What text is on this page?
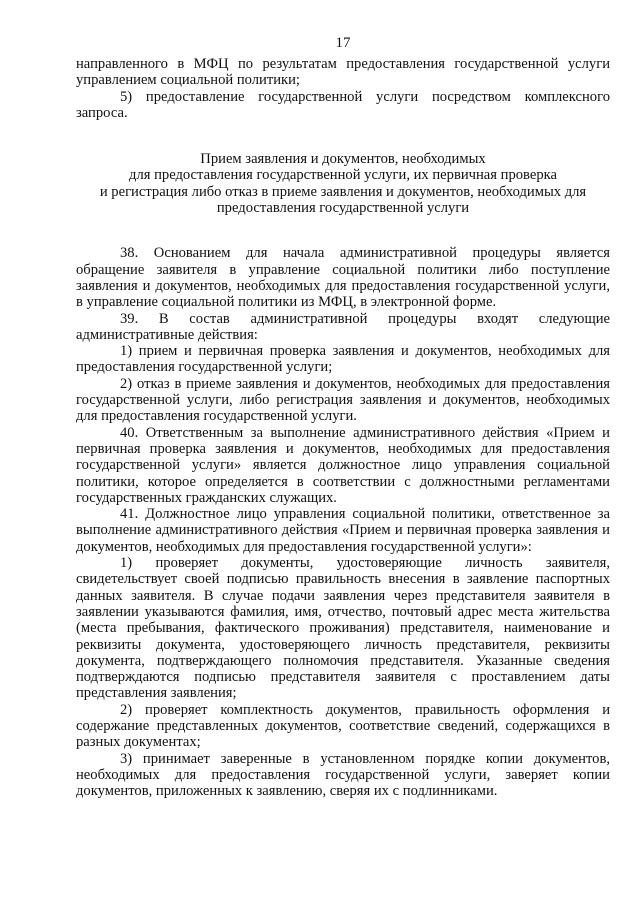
17

направленного в МФЦ по результатам предоставления государственной услуги управлением социальной политики;

5) предоставление государственной услуги посредством комплексного запроса.

Прием заявления и документов, необходимых
для предоставления государственной услуги, их первичная проверка
и регистрация либо отказ в приеме заявления и документов, необходимых для
предоставления государственной услуги

38. Основанием для начала административной процедуры является обращение заявителя в управление социальной политики либо поступление заявления и документов, необходимых для предоставления государственной услуги, в управление социальной политики из МФЦ, в электронной форме.

39. В состав административной процедуры входят следующие административные действия:

1) прием и первичная проверка заявления и документов, необходимых для предоставления государственной услуги;

2) отказ в приеме заявления и документов, необходимых для предоставления государственной услуги, либо регистрация заявления и документов, необходимых для предоставления государственной услуги.

40. Ответственным за выполнение административного действия «Прием и первичная проверка заявления и документов, необходимых для предоставления государственной услуги» является должностное лицо управления социальной политики, которое определяется в соответствии с должностными регламентами государственных гражданских служащих.

41. Должностное лицо управления социальной политики, ответственное за выполнение административного действия «Прием и первичная проверка заявления и документов, необходимых для предоставления государственной услуги»:

1) проверяет документы, удостоверяющие личность заявителя, свидетельствует своей подписью правильность внесения в заявление паспортных данных заявителя. В случае подачи заявления через представителя заявителя в заявлении указываются фамилия, имя, отчество, почтовый адрес места жительства (места пребывания, фактического проживания) представителя, наименование и реквизиты документа, удостоверяющего личность представителя, реквизиты документа, подтверждающего полномочия представителя. Указанные сведения подтверждаются подписью представителя заявителя с проставлением даты представления заявления;

2) проверяет комплектность документов, правильность оформления и содержание представленных документов, соответствие сведений, содержащихся в разных документах;

3) принимает заверенные в установленном порядке копии документов, необходимых для предоставления государственной услуги, заверяет копии документов, приложенных к заявлению, сверяя их с подлинниками.
